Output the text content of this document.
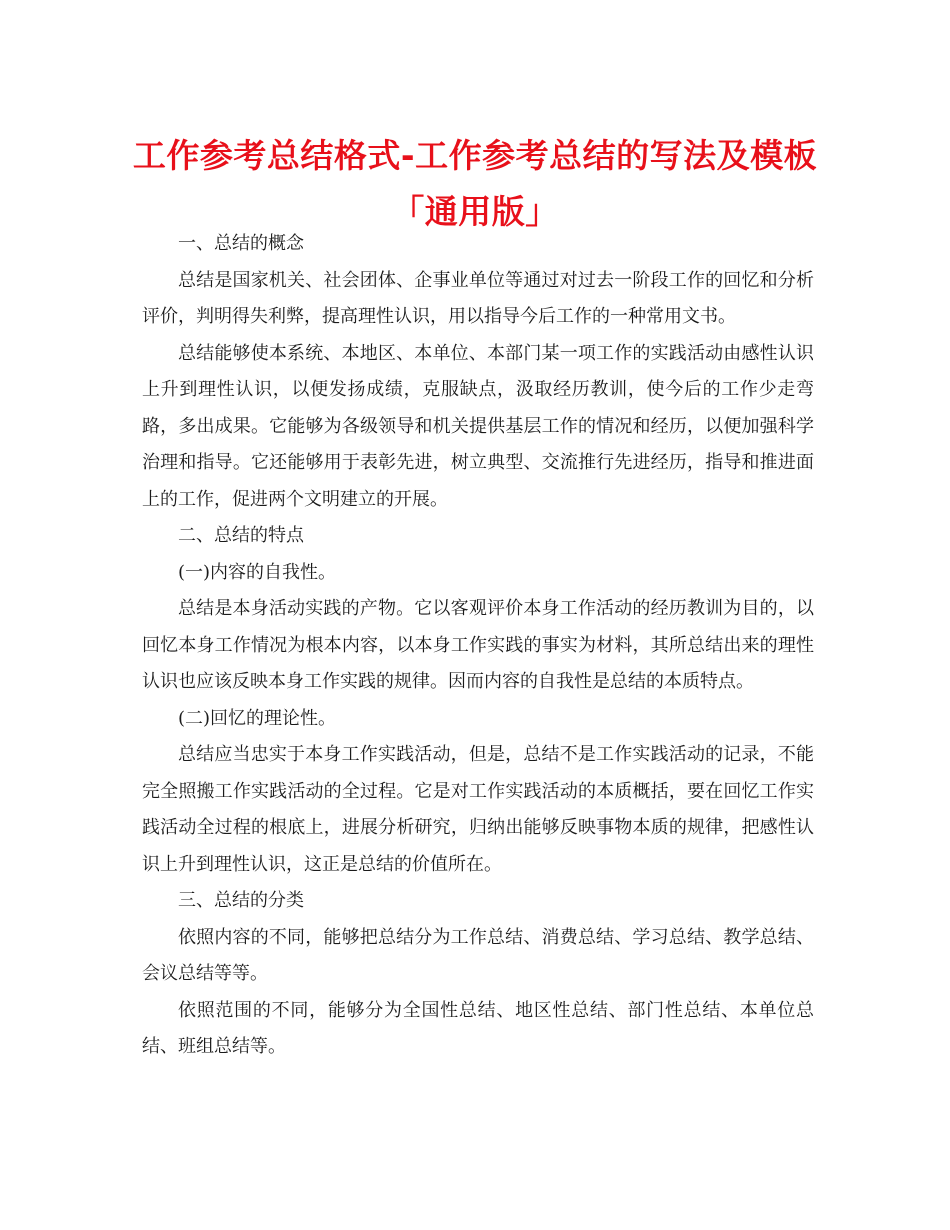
工作参考总结格式-工作参考总结的写法及模板
「通用版」

一、总结的概念

总结是国家机关、社会团体、企事业单位等通过对过去一阶段工作的回忆和分析评价，判明得失利弊，提高理性认识，用以指导今后工作的一种常用文书。

总结能够使本系统、本地区、本单位、本部门某一项工作的实践活动由感性认识上升到理性认识，以便发扬成绩，克服缺点，汲取经历教训，使今后的工作少走弯路，多出成果。它能够为各级领导和机关提供基层工作的情况和经历，以便加强科学治理和指导。它还能够用于表彰先进，树立典型、交流推行先进经历，指导和推进面上的工作，促进两个文明建立的开展。

二、总结的特点

(一)内容的自我性。

总结是本身活动实践的产物。它以客观评价本身工作活动的经历教训为目的，以回忆本身工作情况为根本内容，以本身工作实践的事实为材料，其所总结出来的理性认识也应该反映本身工作实践的规律。因而内容的自我性是总结的本质特点。

(二)回忆的理论性。

总结应当忠实于本身工作实践活动，但是，总结不是工作实践活动的记录，不能完全照搬工作实践活动的全过程。它是对工作实践活动的本质概括，要在回忆工作实践活动全过程的根底上，进展分析研究，归纳出能够反映事物本质的规律，把感性认识上升到理性认识，这正是总结的价值所在。

三、总结的分类

依照内容的不同，能够把总结分为工作总结、消费总结、学习总结、教学总结、会议总结等等。

依照范围的不同，能够分为全国性总结、地区性总结、部门性总结、本单位总结、班组总结等。
